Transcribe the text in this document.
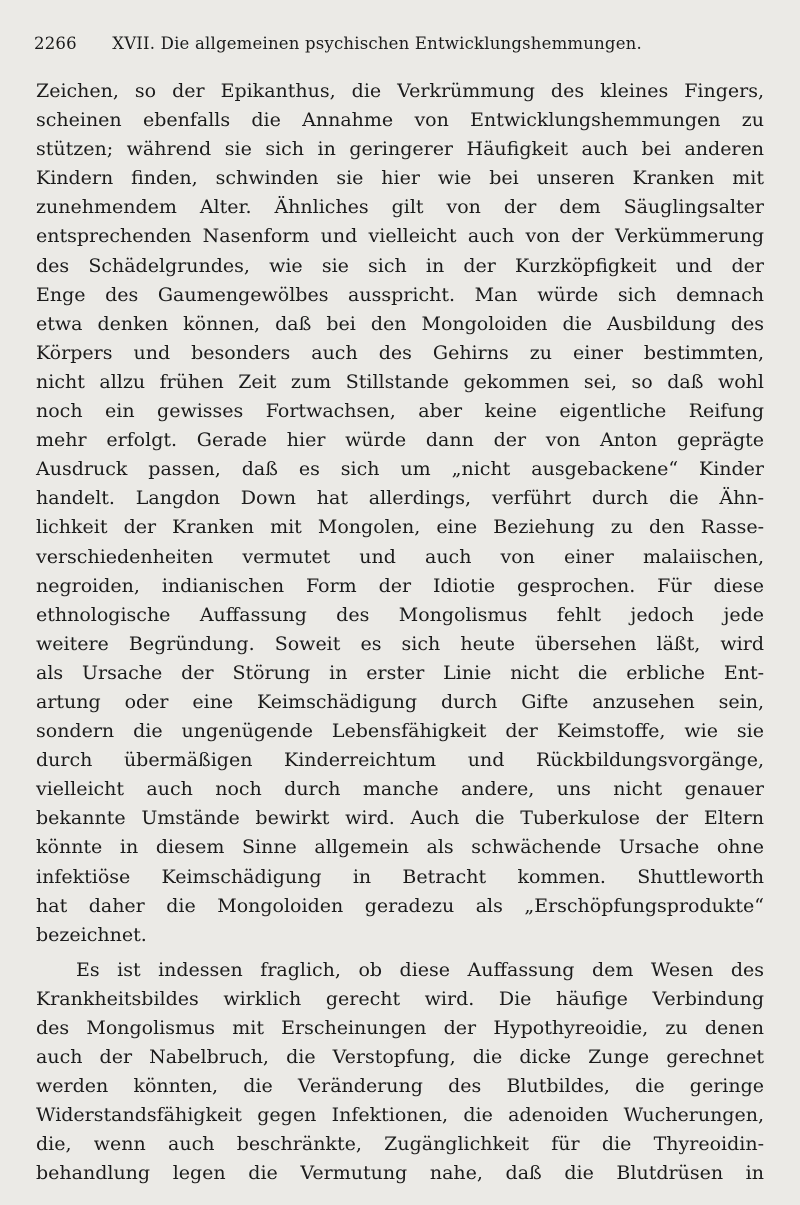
2266 XVII. Die allgemeinen psychischen Entwicklungshemmungen.
Zeichen, so der Epikanthus, die Verkrümmung des kleines Fingers,
scheinen ebenfalls die Annahme von Entwicklungshemmungen zu
stützen; während sie sich in geringerer Häufigkeit auch bei anderen
Kindern finden, schwinden sie hier wie bei unseren Kranken mit
zunehmendem Alter. Ähnliches gilt von der dem Säuglingsalter
entsprechenden Nasenform und vielleicht auch von der Verkümmerung
des Schädelgrundes, wie sie sich in der Kurzköpfigkeit und der
Enge des Gaumengewölbes ausspricht. Man würde sich demnach
etwa denken können, daß bei den Mongoloiden die Ausbildung des
Körpers und besonders auch des Gehirns zu einer bestimmten,
nicht allzu frühen Zeit zum Stillstande gekommen sei, so daß wohl
noch ein gewisses Fortwachsen, aber keine eigentliche Reifung
mehr erfolgt. Gerade hier würde dann der von Anton geprägte
Ausdruck passen, daß es sich um „nicht ausgebackene“ Kinder
handelt. Langdon Down hat allerdings, verführt durch die Ähn-
lichkeit der Kranken mit Mongolen, eine Beziehung zu den Rasse-
verschiedenheiten vermutet und auch von einer malaiischen,
negroiden, indianischen Form der Idiotie gesprochen. Für diese
ethnologische Auffassung des Mongolismus fehlt jedoch jede
weitere Begründung. Soweit es sich heute übersehen läßt, wird
als Ursache der Störung in erster Linie nicht die erbliche Ent-
artung oder eine Keimschädigung durch Gifte anzusehen sein,
sondern die ungenügende Lebensfähigkeit der Keimstoffe, wie sie
durch übermäßigen Kinderreichtum und Rückbildungsvorgänge,
vielleicht auch noch durch manche andere, uns nicht genauer
bekannte Umstände bewirkt wird. Auch die Tuberkulose der Eltern
könnte in diesem Sinne allgemein als schwächende Ursache ohne
infektiöse Keimschädigung in Betracht kommen. Shuttleworth
hat daher die Mongoloiden geradezu als „Erschöpfungsprodukte“
bezeichnet.
Es ist indessen fraglich, ob diese Auffassung dem Wesen des
Krankheitsbildes wirklich gerecht wird. Die häufige Verbindung
des Mongolismus mit Erscheinungen der Hypothyreoidie, zu denen
auch der Nabelbruch, die Verstopfung, die dicke Zunge gerechnet
werden könnten, die Veränderung des Blutbildes, die geringe
Widerstandsfähigkeit gegen Infektionen, die adenoiden Wucherungen,
die, wenn auch beschränkte, Zugänglichkeit für die Thyreoidin-
behandlung legen die Vermutung nahe, daß die Blutdrüsen in
